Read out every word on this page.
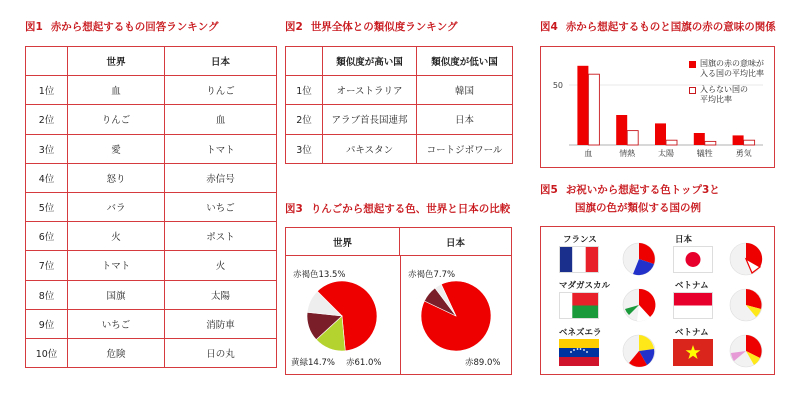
図1 赤から想起するもの回答ランキング
	世界	日本
1位	血	りんご
2位	りんご	血
3位	愛	トマト
4位	怒り	赤信号
5位	バラ	いちご
6位	火	ポスト
7位	トマト	火
8位	国旗	太陽
9位	いちご	消防車
10位	危険	日の丸
図2 世界全体との類似度ランキング
	類似度が高い国	類似度が低い国
1位	オーストラリア	韓国
2位	アラブ首長国連邦	日本
3位	パキスタン	コートジボワール
図3 りんごから想起する色、世界と日本の比較
世界	日本
赤褐色13.5%
黄緑14.7% 赤61.0%
赤褐色7.7%
赤89.0%
図4 赤から想起するものと国旗の赤の意味の関係
50
血	情熱	太陽	犠牲	勇気
国旗の赤の意味が
入る国の平均比率
入らない国の
平均比率
図5 お祝いから想起する色トップ3と
国旗の色が類似する国の例
フランス	日本
マダガスカル	ベトナム
ベネズエラ	ベトナム
